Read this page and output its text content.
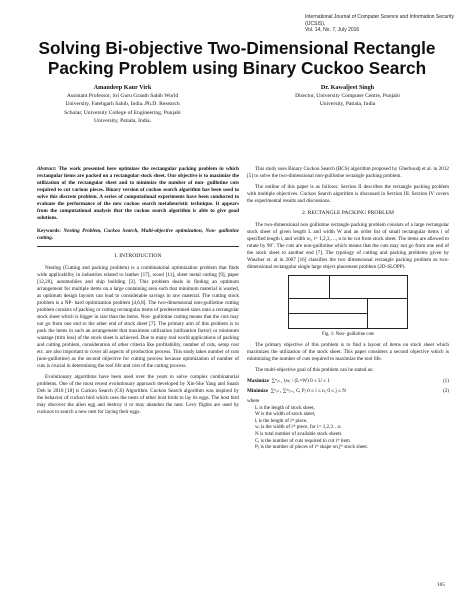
International Journal of Computer Science and Information Security (IJCSIS),
Vol. 14, No. 7, July 2016
Solving Bi-objective Two-Dimensional Rectangle
Packing Problem using Binary Cuckoo Search
Amandeep Kaur Virk
Assistant Professor, Sri Guru Granth Sahib World
University, Fatehgarh Sahib, India..Ph.D. Research
Scholar, University College of Engineering, Punjabi
University, Patiala, India.
Dr. Kawaljeet Singh
Director, University Computer Centre, Punjabi
University, Patiala, India
Abstract: The work presented here optimizes the rectangular packing problem in which rectangular items are packed on a rectangular stock sheet. Our objective is to maximize the utilization of the rectangular sheet and to minimize the number of non- guillotine cuts required to cut various pieces. Binary version of cuckoo search algorithm has been used to solve this discrete problem. A series of computational experiments have been conducted to evaluate the performance of the new cuckoo search metaheuristic technique. It appears from the computational analysis that the cuckoo search algorithm is able to give good solutions.
Keywords: Nesting Problem, Cuckoo Search, Multi-objective optimization, Non- guillotine cutting.
I. INTRODUCTION

Nesting (Cutting and packing problem) is a combinatorial optimization problem that finds wide applicability in industries related to leather [17], wood [11], sheet metal cutting [9], paper [12,20], automobiles and ship building [3]. This problem deals in finding an optimum arrangement for multiple items on a large containing area such that minimum material is wasted, as optimum design layouts can lead to considerable savings in raw material. The cutting stock problem is a NP- hard optimization problem [4,6,8]. The two-dimensional non-guillotine cutting problem consists of packing or cutting rectangular items of predetermined sizes onto a rectangular stock sheet which is bigger in size than the items. Non- guillotine cutting means that the cuts may not go from one end to the other end of stock sheet [7]. The primary aim of this problem is to pack the items in such an arrangement that maximum utilization (utilization factor) or minimum wastage (trim loss) of the stock sheet is achieved. Due to many real world applications of packing and cutting problem, consideration of other criteria like profitability, number of cuts, setup cost etc. are also important to cover all aspects of production process. This study takes number of cuts (non-guillotine) as the second objective for cutting process because optimization of number of cuts is crucial in determining the tool life and cost of the cutting process.

Evolutionary algorithms have been used over the years to solve complex combinatorial problems. One of the most recent evolutionary approach developed by Xin-She Yang and Suash Deb in 2010 [18] is Cuckoo Search (CS) Algorithm. Cuckoo Search algorithm was inspired by the behavior of cuckoo bird which uses the nests of other host birds to lay its eggs. The host bird may discover the alien egg and destroy it or may abandon the nest. Levy flights are used by cuckoos to search a new nest for laying their eggs.

This study uses Binary Cuckoo Search (BCS) algorithm proposed by Gherboudj et al. in 2012 [5] to solve the two-dimensional non-guillotine rectangle packing problem.

The outline of this paper is as follows: Section II describes the rectangle packing problem with multiple objectives. Cuckoo Search algorithm is discussed in Section III. Section IV covers the experimental results and discussions.

2. RECTANGLE PACKING PROBLEM

The two-dimensional non guillotine rectangle packing problem consists of a large rectangular stock sheet of given length L and width W and an order list of small rectangular items i of specified length lᵢ and width wᵢ, i= 1,2,3,…, n to be cut from stock sheet. The items are allowed to rotate by 90˚. The cuts are non-guillotine which means that the cuts may not go from one end of the stock sheet to another end [7]. The typology of cutting and packing problems given by Wascher et. al in 2007 [16] classifies the two dimensional rectangle packing problem as two-dimensional rectangular single large object placement problem (2D-SLOPP).

Fig. 1: Non- guillotine cuts

The primary objective of this problem is to find a layout of items on stock sheet which maximizes the utilization of the stock sheet. This paper considers a second objective which is minimizing the number of cuts required to maximize the tool life.

The multi-objective goal of this problem can be stated as:

Maximize ∑ⁿᵢ₌₁ lᵢwᵢ / (L×W) 0 ≤ U ≤ 1	(1)
Minimize ∑ⁿᵢ₌₁ ∑ᵐⱼ₌₁ Cᵢ Pⱼ 0 ≤ i ≤ n, 0 ≤ j ≤ N	(2)
where
L is the length of stock sheet,
W is the width of stock sheet,
lᵢ is the length of iᵗʰ piece,
wᵢ is the width of iᵗʰ piece, for i= 1,2,3…n.
N is total number of available stock sheets
Cᵢ is the number of cuts required to cut iᵗʰ item
Pⱼ is the number of pieces of iᵗʰ shape on jᵗʰ stock sheet.
165
